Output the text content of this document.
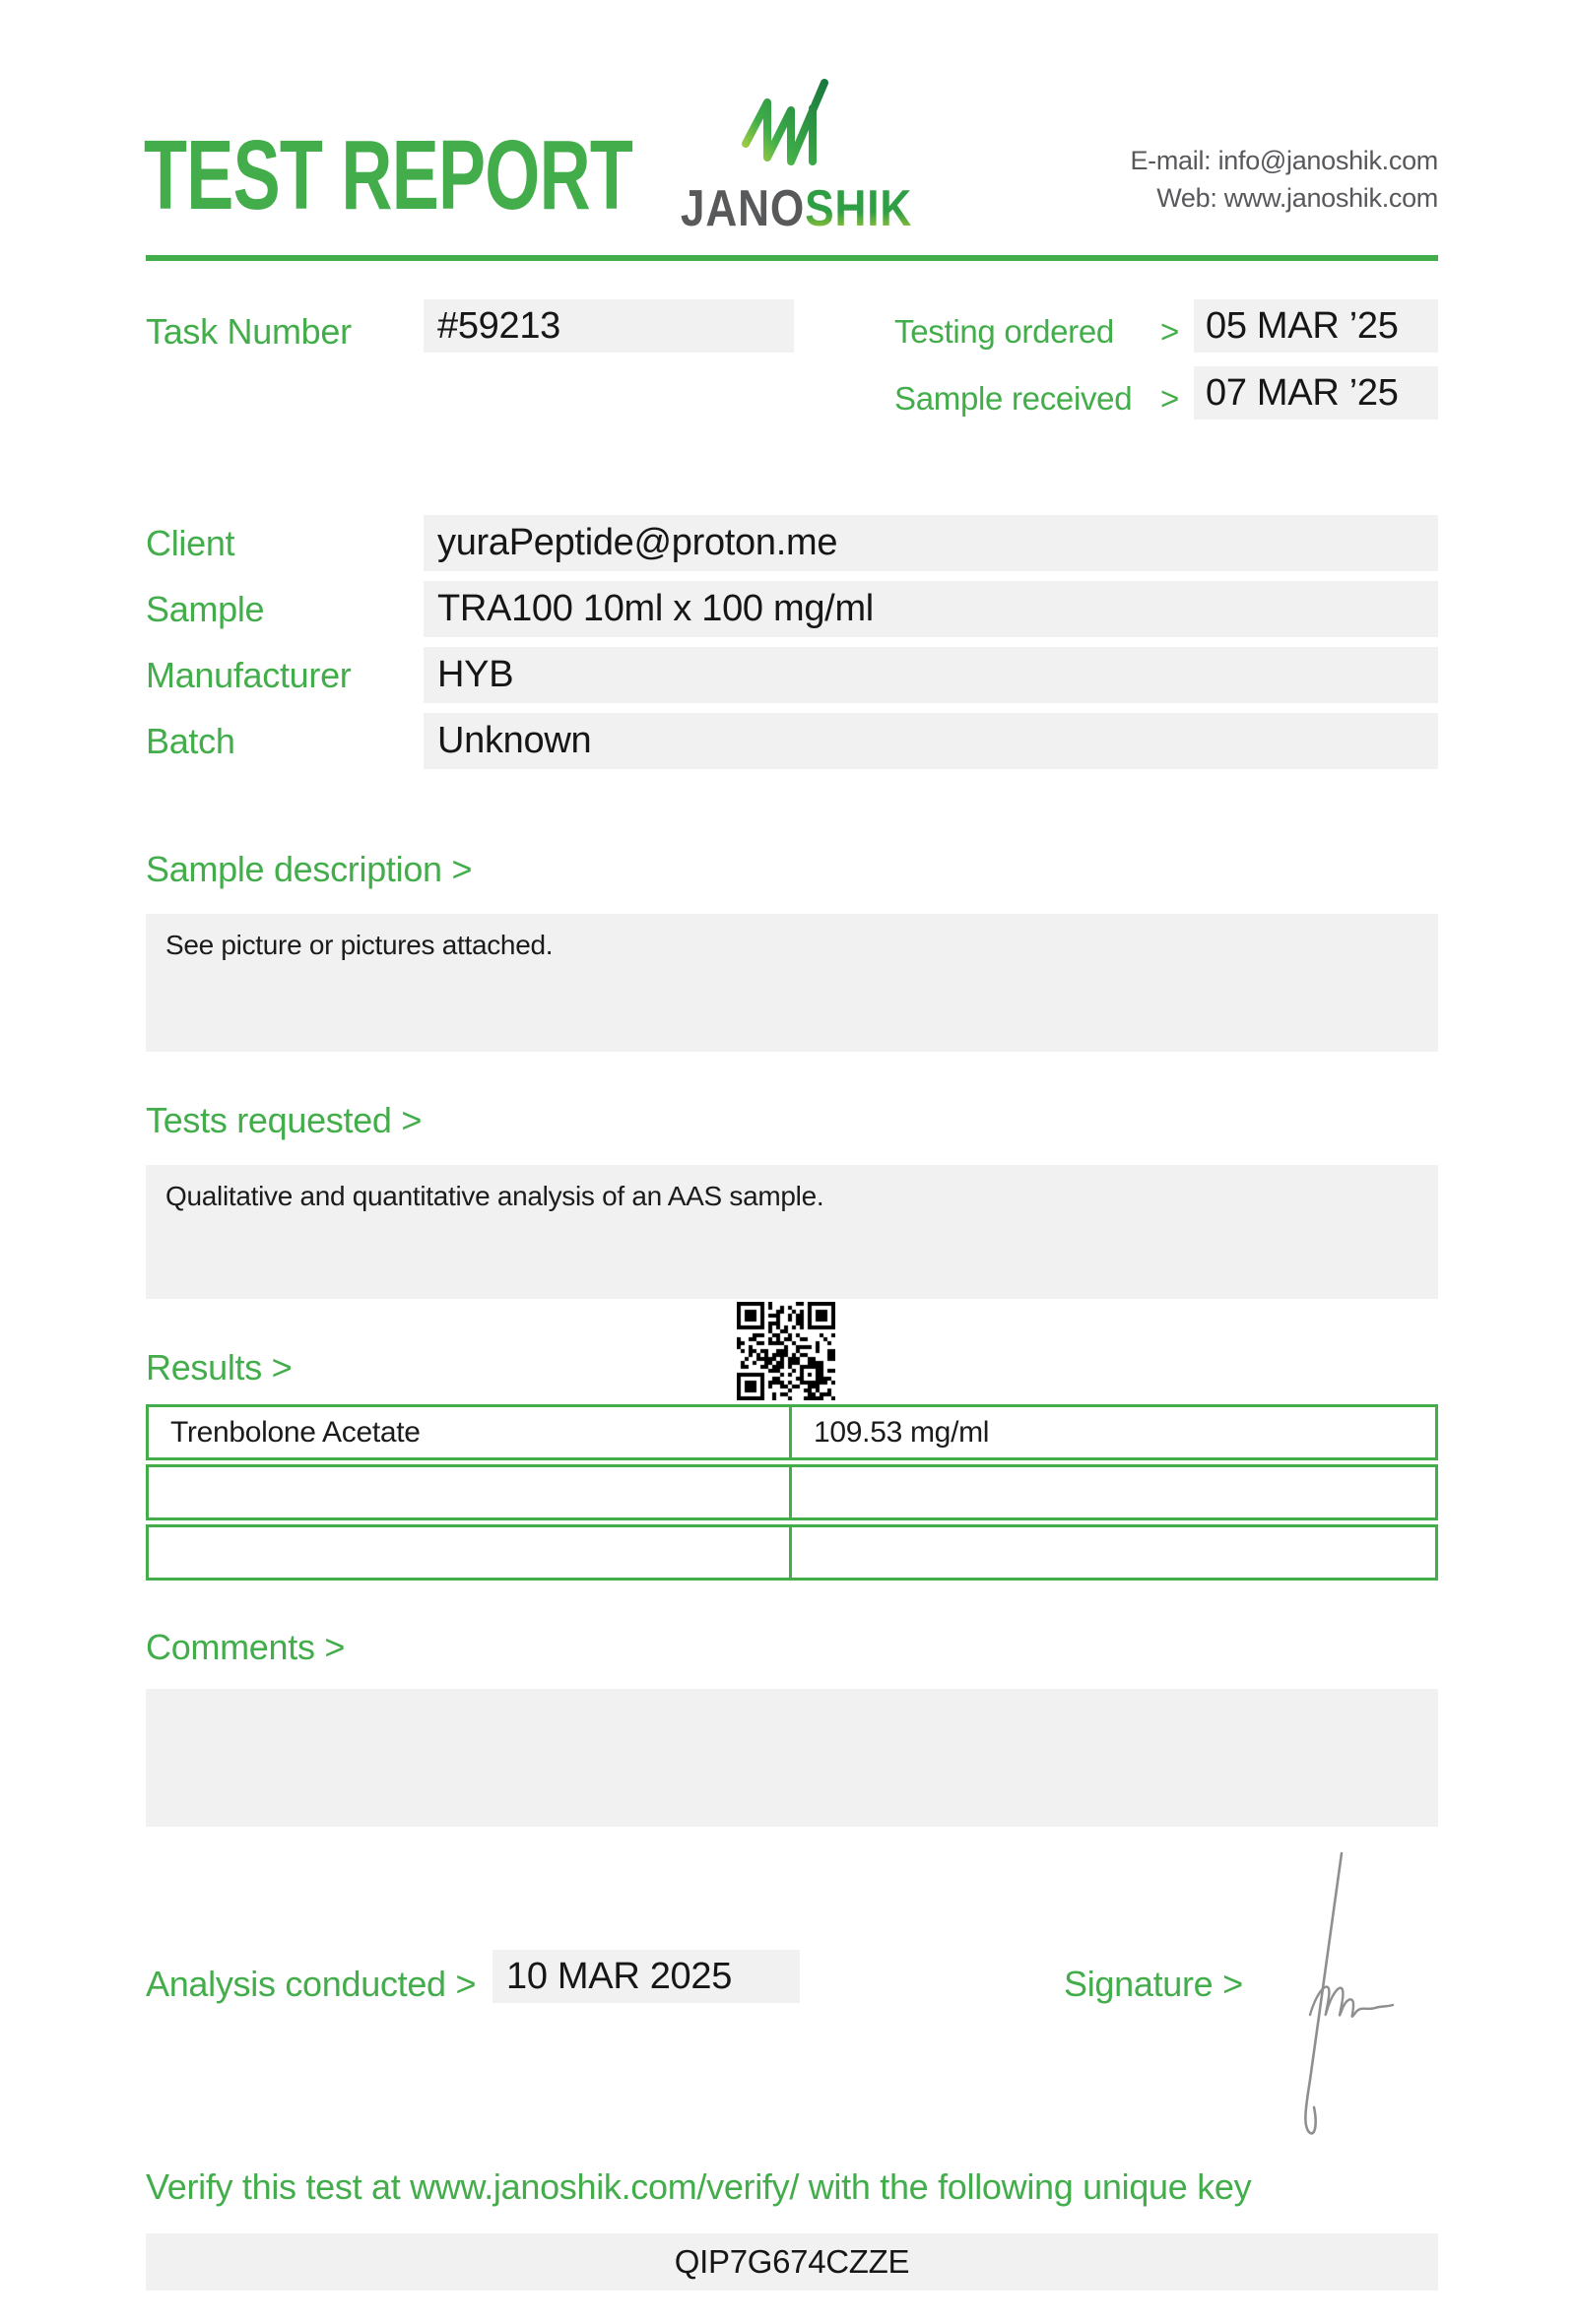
TEST REPORT JANOSHIK
E-mail: info@janoshik.com
Web: www.janoshik.com
Task Number #59213	Testing ordered > 05 MAR ’25
Sample received > 07 MAR ’25
Client	yuraPeptide@proton.me
Sample	TRA100 10ml x 100 mg/ml
Manufacturer	HYB
Batch	Unknown
Sample description >
See picture or pictures attached.
Tests requested >
Qualitative and quantitative analysis of an AAS sample.
Results >
Trenbolone Acetate	109.53 mg/ml
Comments >
Analysis conducted > 10 MAR 2025	Signature >
Verify this test at www.janoshik.com/verify/ with the following unique key
QIP7G674CZZE
